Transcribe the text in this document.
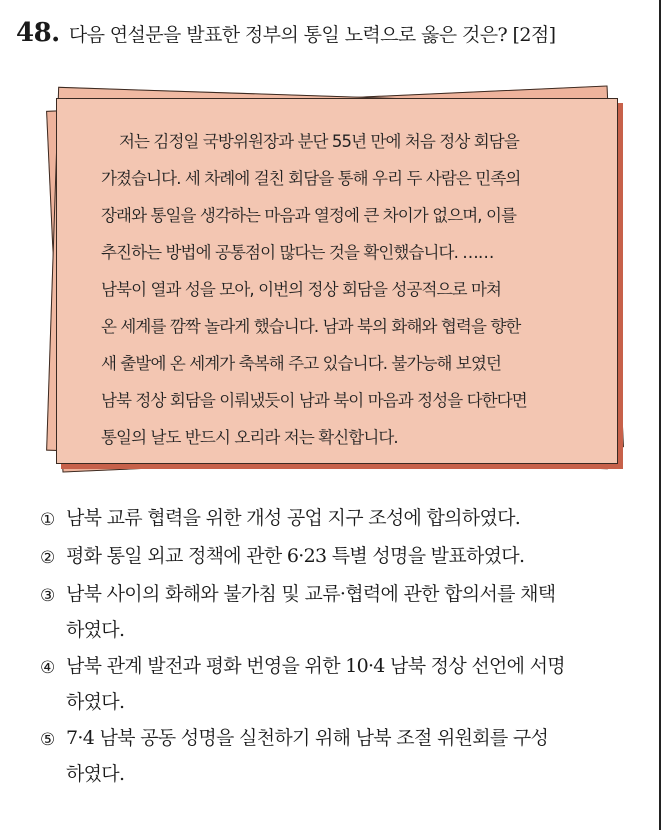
48. 다음 연설문을 발표한 정부의 통일 노력으로 옳은 것은? [2점]
저는 김정일 국방위원장과 분단 55년 만에 처음 정상 회담을
가졌습니다. 세 차례에 걸친 회담을 통해 우리 두 사람은 민족의
장래와 통일을 생각하는 마음과 열정에 큰 차이가 없으며, 이를
추진하는 방법에 공통점이 많다는 것을 확인했습니다. ……
남북이 열과 성을 모아, 이번의 정상 회담을 성공적으로 마쳐
온 세계를 깜짝 놀라게 했습니다. 남과 북의 화해와 협력을 향한
새 출발에 온 세계가 축복해 주고 있습니다. 불가능해 보였던
남북 정상 회담을 이뤄냈듯이 남과 북이 마음과 정성을 다한다면
통일의 날도 반드시 오리라 저는 확신합니다.
① 남북 교류 협력을 위한 개성 공업 지구 조성에 합의하였다.
② 평화 통일 외교 정책에 관한 6·23 특별 성명을 발표하였다.
③ 남북 사이의 화해와 불가침 및 교류·협력에 관한 합의서를 채택
하였다.
④ 남북 관계 발전과 평화 번영을 위한 10·4 남북 정상 선언에 서명
하였다.
⑤ 7·4 남북 공동 성명을 실천하기 위해 남북 조절 위원회를 구성
하였다.
